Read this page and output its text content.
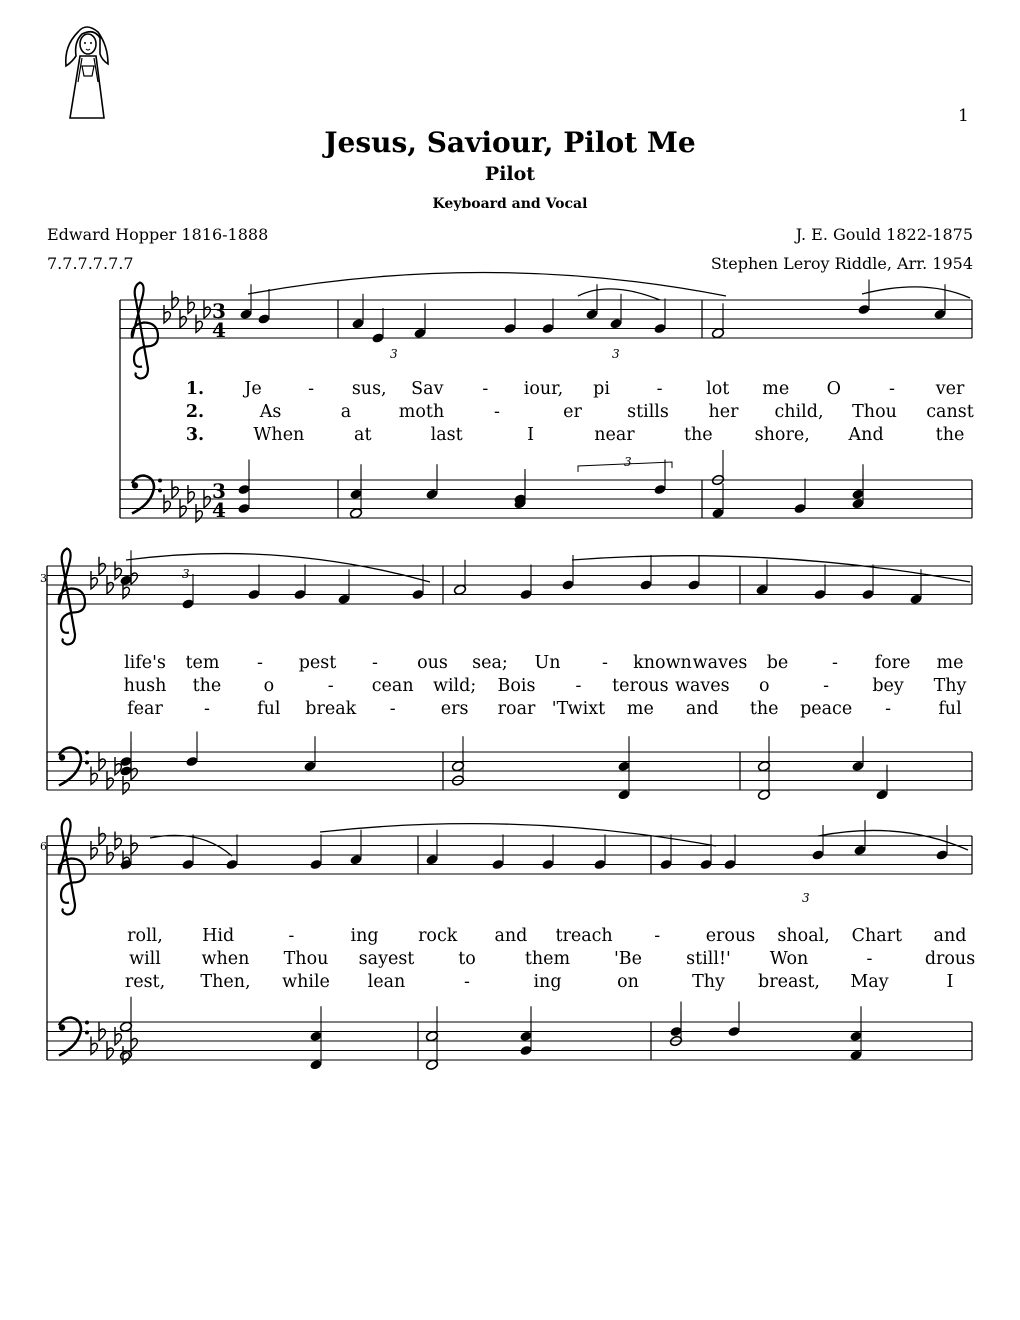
1
Jesus, Saviour, Pilot Me
Pilot
Keyboard and Vocal
Edward Hopper 1816-1888
7.7.7.7.7.7
J. E. Gould 1822-1875
Stephen Leroy Riddle, Arr. 1954
3
6
3
4
3
4
3	3
3
3
3
1. Je	- sus, Sav - iour, pi	- lot me O	- ver
2.	As	a	moth	-	er	stills her child, Thou canst
3.	When	at	last	I	near	the shore, And	the
life's tem - pest - ous sea; Un - known waves be	- fore me
hush the o	- cean wild; Bois - terous waves o	- bey Thy
fear -	ful break -	ers roar 'Twixt me and the peace -	ful
roll, Hid	-	ing rock and treach -	erous shoal, Chart and
will when Thou sayest	to	them	'Be	still!' Won	-	drous
rest, Then, while lean	-	ing	on	Thy breast, May	I
